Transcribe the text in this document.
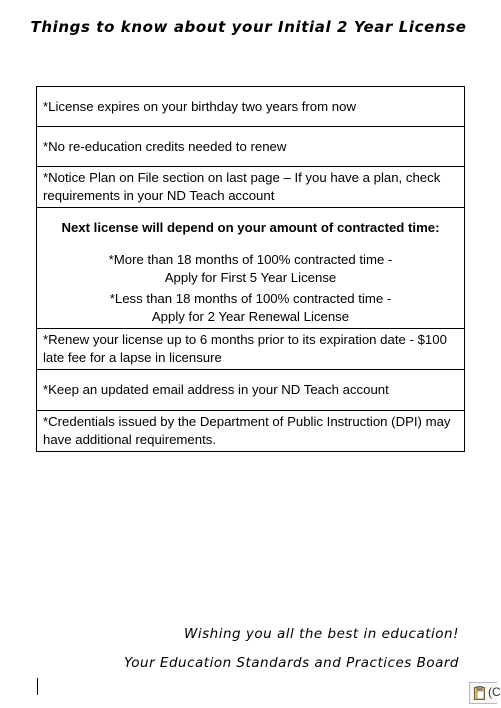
Things to know about your Initial 2 Year License
*License expires on your birthday two years from now
*No re-education credits needed to renew
*Notice Plan on File section on last page – If you have a plan, check requirements in your ND Teach account

Next license will depend on your amount of contracted time:
*More than 18 months of 100% contracted time -
Apply for First 5 Year License
*Less than 18 months of 100% contracted time -
Apply for 2 Year Renewal License

*Renew your license up to 6 months prior to its expiration date - $100 late fee for a lapse in licensure
*Keep an updated email address in your ND Teach account
*Credentials issued by the Department of Public Instruction (DPI) may have additional requirements.
Wishing you all the best in education!
Your Education Standards and Practices Board
(C
